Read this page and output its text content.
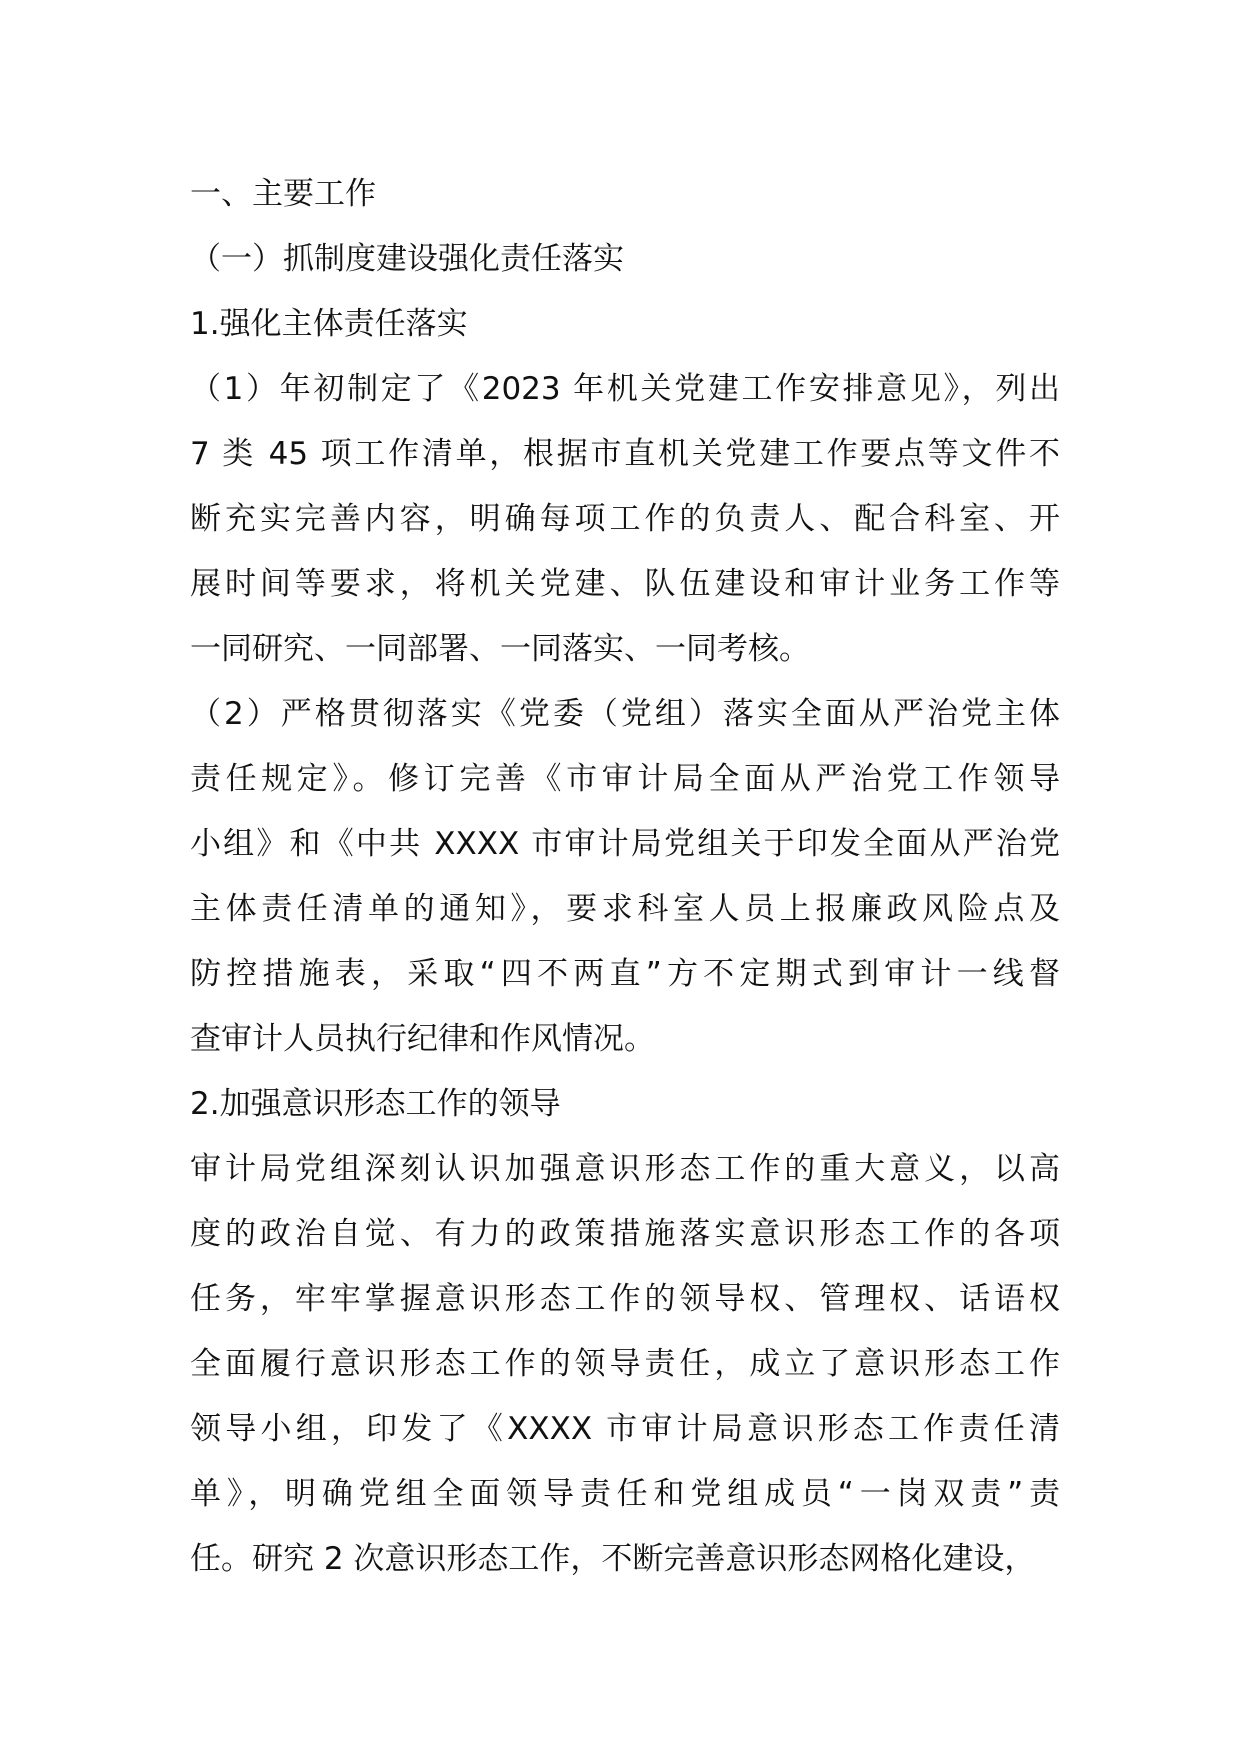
一、主要工作
（一）抓制度建设强化责任落实
1.强化主体责任落实
（1）年初制定了《2023 年机关党建工作安排意见》，列出
7 类 45 项工作清单，根据市直机关党建工作要点等文件不
断充实完善内容，明确每项工作的负责人、配合科室、开
展时间等要求，将机关党建、队伍建设和审计业务工作等
一同研究、一同部署、一同落实、一同考核。
（2）严格贯彻落实《党委（党组）落实全面从严治党主体
责任规定》。修订完善《市审计局全面从严治党工作领导
小组》和《中共 XXXX 市审计局党组关于印发全面从严治党
主体责任清单的通知》，要求科室人员上报廉政风险点及
防控措施表，采取“四不两直”方不定期式到审计一线督
查审计人员执行纪律和作风情况。
2.加强意识形态工作的领导
审计局党组深刻认识加强意识形态工作的重大意义，以高
度的政治自觉、有力的政策措施落实意识形态工作的各项
任务，牢牢掌握意识形态工作的领导权、管理权、话语权
全面履行意识形态工作的领导责任，成立了意识形态工作
领导小组，印发了《XXXX 市审计局意识形态工作责任清
单》，明确党组全面领导责任和党组成员“一岗双责”责
任。研究 2 次意识形态工作，不断完善意识形态网格化建设，
